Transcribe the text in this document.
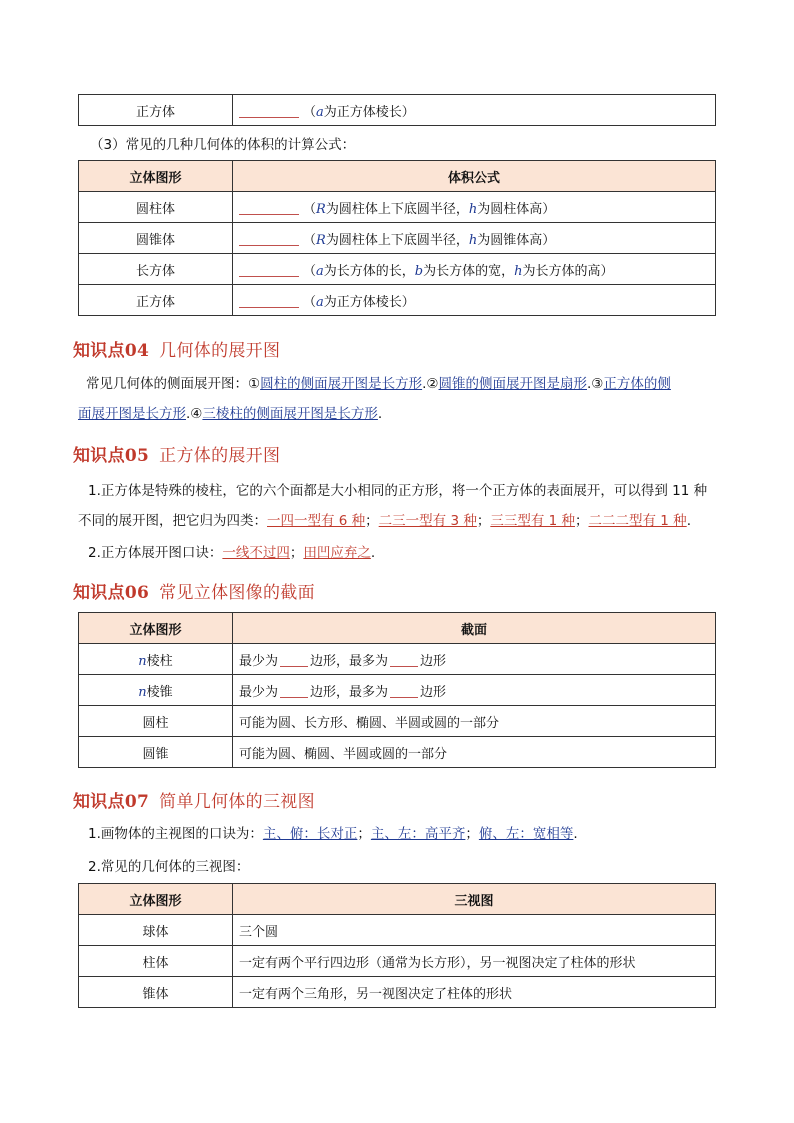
正方体	（a为正方体棱长）
（3）常见的几种几何体的体积的计算公式：
立体图形	体积公式
圆柱体	（R为圆柱体上下底圆半径，h为圆柱体高）
圆锥体	（R为圆柱体上下底圆半径，h为圆锥体高）
长方体	（a为长方体的长，b为长方体的宽，h为长方体的高）
正方体	（a为正方体棱长）
知识点04 几何体的展开图
常见几何体的侧面展开图：①圆柱的侧面展开图是长方形.②圆锥的侧面展开图是扇形.③正方体的侧
面展开图是长方形.④三棱柱的侧面展开图是长方形.
知识点05 正方体的展开图
1.正方体是特殊的棱柱，它的六个面都是大小相同的正方形，将一个正方体的表面展开，可以得到 11 种
不同的展开图，把它归为四类：一四一型有 6 种；二三一型有 3 种；三三型有 1 种；二二二型有 1 种.
2.正方体展开图口诀：一线不过四；田凹应弃之.
知识点06 常见立体图像的截面
立体图形	截面
n棱柱	最少为 边形，最多为 边形
n棱锥	最少为 边形，最多为 边形
圆柱	可能为圆、长方形、椭圆、半圆或圆的一部分
圆锥	可能为圆、椭圆、半圆或圆的一部分
知识点07 简单几何体的三视图
1.画物体的主视图的口诀为：主、俯：长对正；主、左：高平齐；俯、左：宽相等.
2.常见的几何体的三视图：
立体图形	三视图
球体	三个圆
柱体	一定有两个平行四边形（通常为长方形），另一视图决定了柱体的形状
锥体	一定有两个三角形，另一视图决定了柱体的形状
